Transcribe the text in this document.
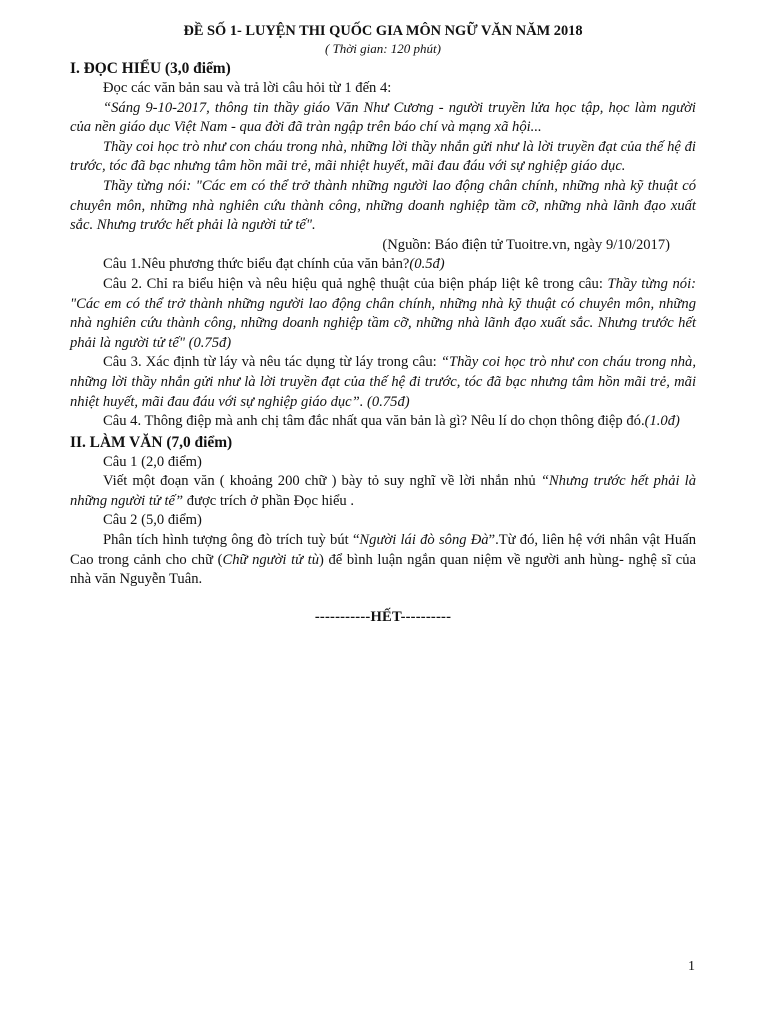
ĐỀ SỐ 1- LUYỆN THI QUỐC GIA MÔN NGỮ VĂN NĂM 2018

( Thời gian: 120 phút)

I. ĐỌC HIỂU (3,0 điểm)

Đọc các văn bản sau và trả lời câu hỏi từ 1 đến 4:

“Sáng 9-10-2017, thông tin thầy giáo Văn Như Cương - người truyền lửa học tập, học làm người của nền giáo dục Việt Nam - qua đời đã tràn ngập trên báo chí và mạng xã hội...

Thầy coi học trò như con cháu trong nhà, những lời thầy nhắn gửi như là lời truyền đạt của thế hệ đi trước, tóc đã bạc nhưng tâm hồn mãi trẻ, mãi nhiệt huyết, mãi đau đáu với sự nghiệp giáo dục.

Thầy từng nói: "Các em có thể trở thành những người lao động chân chính, những nhà kỹ thuật có chuyên môn, những nhà nghiên cứu thành công, những doanh nghiệp tầm cỡ, những nhà lãnh đạo xuất sắc. Nhưng trước hết phải là người tử tế".

(Nguồn: Báo điện tử Tuoitre.vn, ngày 9/10/2017)

Câu 1.Nêu phương thức biểu đạt chính của văn bản?(0.5đ)

Câu 2. Chỉ ra biểu hiện và nêu hiệu quả nghệ thuật của biện pháp liệt kê trong câu: Thầy từng nói: "Các em có thể trở thành những người lao động chân chính, những nhà kỹ thuật có chuyên môn, những nhà nghiên cứu thành công, những doanh nghiệp tầm cỡ, những nhà lãnh đạo xuất sắc. Nhưng trước hết phải là người tử tế" (0.75đ)

Câu 3. Xác định từ láy và nêu tác dụng từ láy trong câu: “Thầy coi học trò như con cháu trong nhà, những lời thầy nhắn gửi như là lời truyền đạt của thế hệ đi trước, tóc đã bạc nhưng tâm hồn mãi trẻ, mãi nhiệt huyết, mãi đau đáu với sự nghiệp giáo dục”. (0.75đ)

Câu 4. Thông điệp mà anh chị tâm đắc nhất qua văn bản là gì? Nêu lí do chọn thông điệp đó.(1.0đ)

II. LÀM VĂN (7,0 điểm)

Câu 1 (2,0 điểm)

Viết một đoạn văn ( khoảng 200 chữ ) bày tỏ suy nghĩ về lời nhắn nhủ “Nhưng trước hết phải là những người tử tế” được trích ở phần Đọc hiểu .

Câu 2 (5,0 điểm)

Phân tích hình tượng ông đò trích tuỳ bút “Người lái đò sông Đà”.Từ đó, liên hệ với nhân vật Huấn Cao trong cảnh cho chữ (Chữ người tử tù) để bình luận ngắn quan niệm về người anh hùng- nghệ sĩ của nhà văn Nguyễn Tuân.

-----------HẾT----------

1
